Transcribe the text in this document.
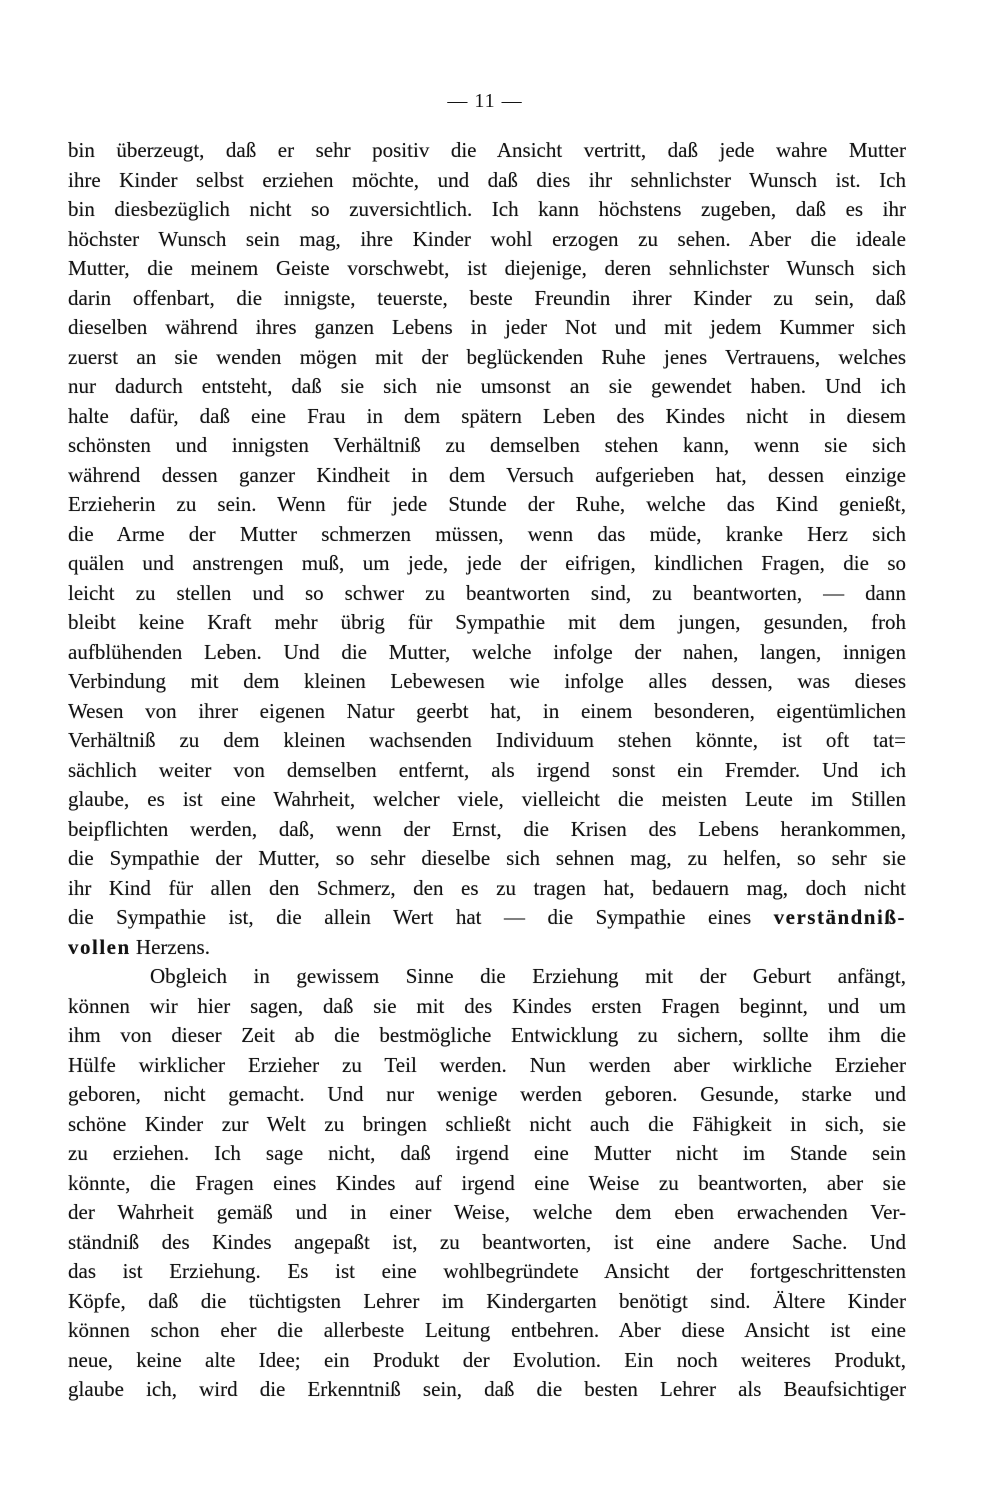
— 11 —
bin überzeugt, daß er sehr positiv die Ansicht vertritt, daß jede wahre Mutter
ihre Kinder selbst erziehen möchte, und daß dies ihr sehnlichster Wunsch ist. Ich
bin diesbezüglich nicht so zuversichtlich. Ich kann höchstens zugeben, daß es ihr
höchster Wunsch sein mag, ihre Kinder wohl erzogen zu sehen. Aber die ideale
Mutter, die meinem Geiste vorschwebt, ist diejenige, deren sehnlichster Wunsch sich
darin offenbart, die innigste, teuerste, beste Freundin ihrer Kinder zu sein, daß
dieselben während ihres ganzen Lebens in jeder Not und mit jedem Kummer sich
zuerst an sie wenden mögen mit der beglückenden Ruhe jenes Vertrauens, welches
nur dadurch entsteht, daß sie sich nie umsonst an sie gewendet haben. Und ich
halte dafür, daß eine Frau in dem spätern Leben des Kindes nicht in diesem
schönsten und innigsten Verhältniß zu demselben stehen kann, wenn sie sich
während dessen ganzer Kindheit in dem Versuch aufgerieben hat, dessen einzige
Erzieherin zu sein. Wenn für jede Stunde der Ruhe, welche das Kind genießt,
die Arme der Mutter schmerzen müssen, wenn das müde, kranke Herz sich
quälen und anstrengen muß, um jede, jede der eifrigen, kindlichen Fragen, die so
leicht zu stellen und so schwer zu beantworten sind, zu beantworten, — dann
bleibt keine Kraft mehr übrig für Sympathie mit dem jungen, gesunden, froh
aufblühenden Leben. Und die Mutter, welche infolge der nahen, langen, innigen
Verbindung mit dem kleinen Lebewesen wie infolge alles dessen, was dieses
Wesen von ihrer eigenen Natur geerbt hat, in einem besonderen, eigentümlichen
Verhältniß zu dem kleinen wachsenden Individuum stehen könnte, ist oft tat=
sächlich weiter von demselben entfernt, als irgend sonst ein Fremder. Und ich
glaube, es ist eine Wahrheit, welcher viele, vielleicht die meisten Leute im Stillen
beipflichten werden, daß, wenn der Ernst, die Krisen des Lebens herankommen,
die Sympathie der Mutter, so sehr dieselbe sich sehnen mag, zu helfen, so sehr sie
ihr Kind für allen den Schmerz, den es zu tragen hat, bedauern mag, doch nicht
die Sympathie ist, die allein Wert hat — die Sympathie eines verständniß-
vollen Herzens.
Obgleich in gewissem Sinne die Erziehung mit der Geburt anfängt,
können wir hier sagen, daß sie mit des Kindes ersten Fragen beginnt, und um
ihm von dieser Zeit ab die bestmögliche Entwicklung zu sichern, sollte ihm die
Hülfe wirklicher Erzieher zu Teil werden. Nun werden aber wirkliche Erzieher
geboren, nicht gemacht. Und nur wenige werden geboren. Gesunde, starke und
schöne Kinder zur Welt zu bringen schließt nicht auch die Fähigkeit in sich, sie
zu erziehen. Ich sage nicht, daß irgend eine Mutter nicht im Stande sein
könnte, die Fragen eines Kindes auf irgend eine Weise zu beantworten, aber sie
der Wahrheit gemäß und in einer Weise, welche dem eben erwachenden Ver-
ständniß des Kindes angepaßt ist, zu beantworten, ist eine andere Sache. Und
das ist Erziehung. Es ist eine wohlbegründete Ansicht der fortgeschrittensten
Köpfe, daß die tüchtigsten Lehrer im Kindergarten benötigt sind. Ältere Kinder
können schon eher die allerbeste Leitung entbehren. Aber diese Ansicht ist eine
neue, keine alte Idee; ein Produkt der Evolution. Ein noch weiteres Produkt,
glaube ich, wird die Erkenntniß sein, daß die besten Lehrer als Beaufsichtiger
